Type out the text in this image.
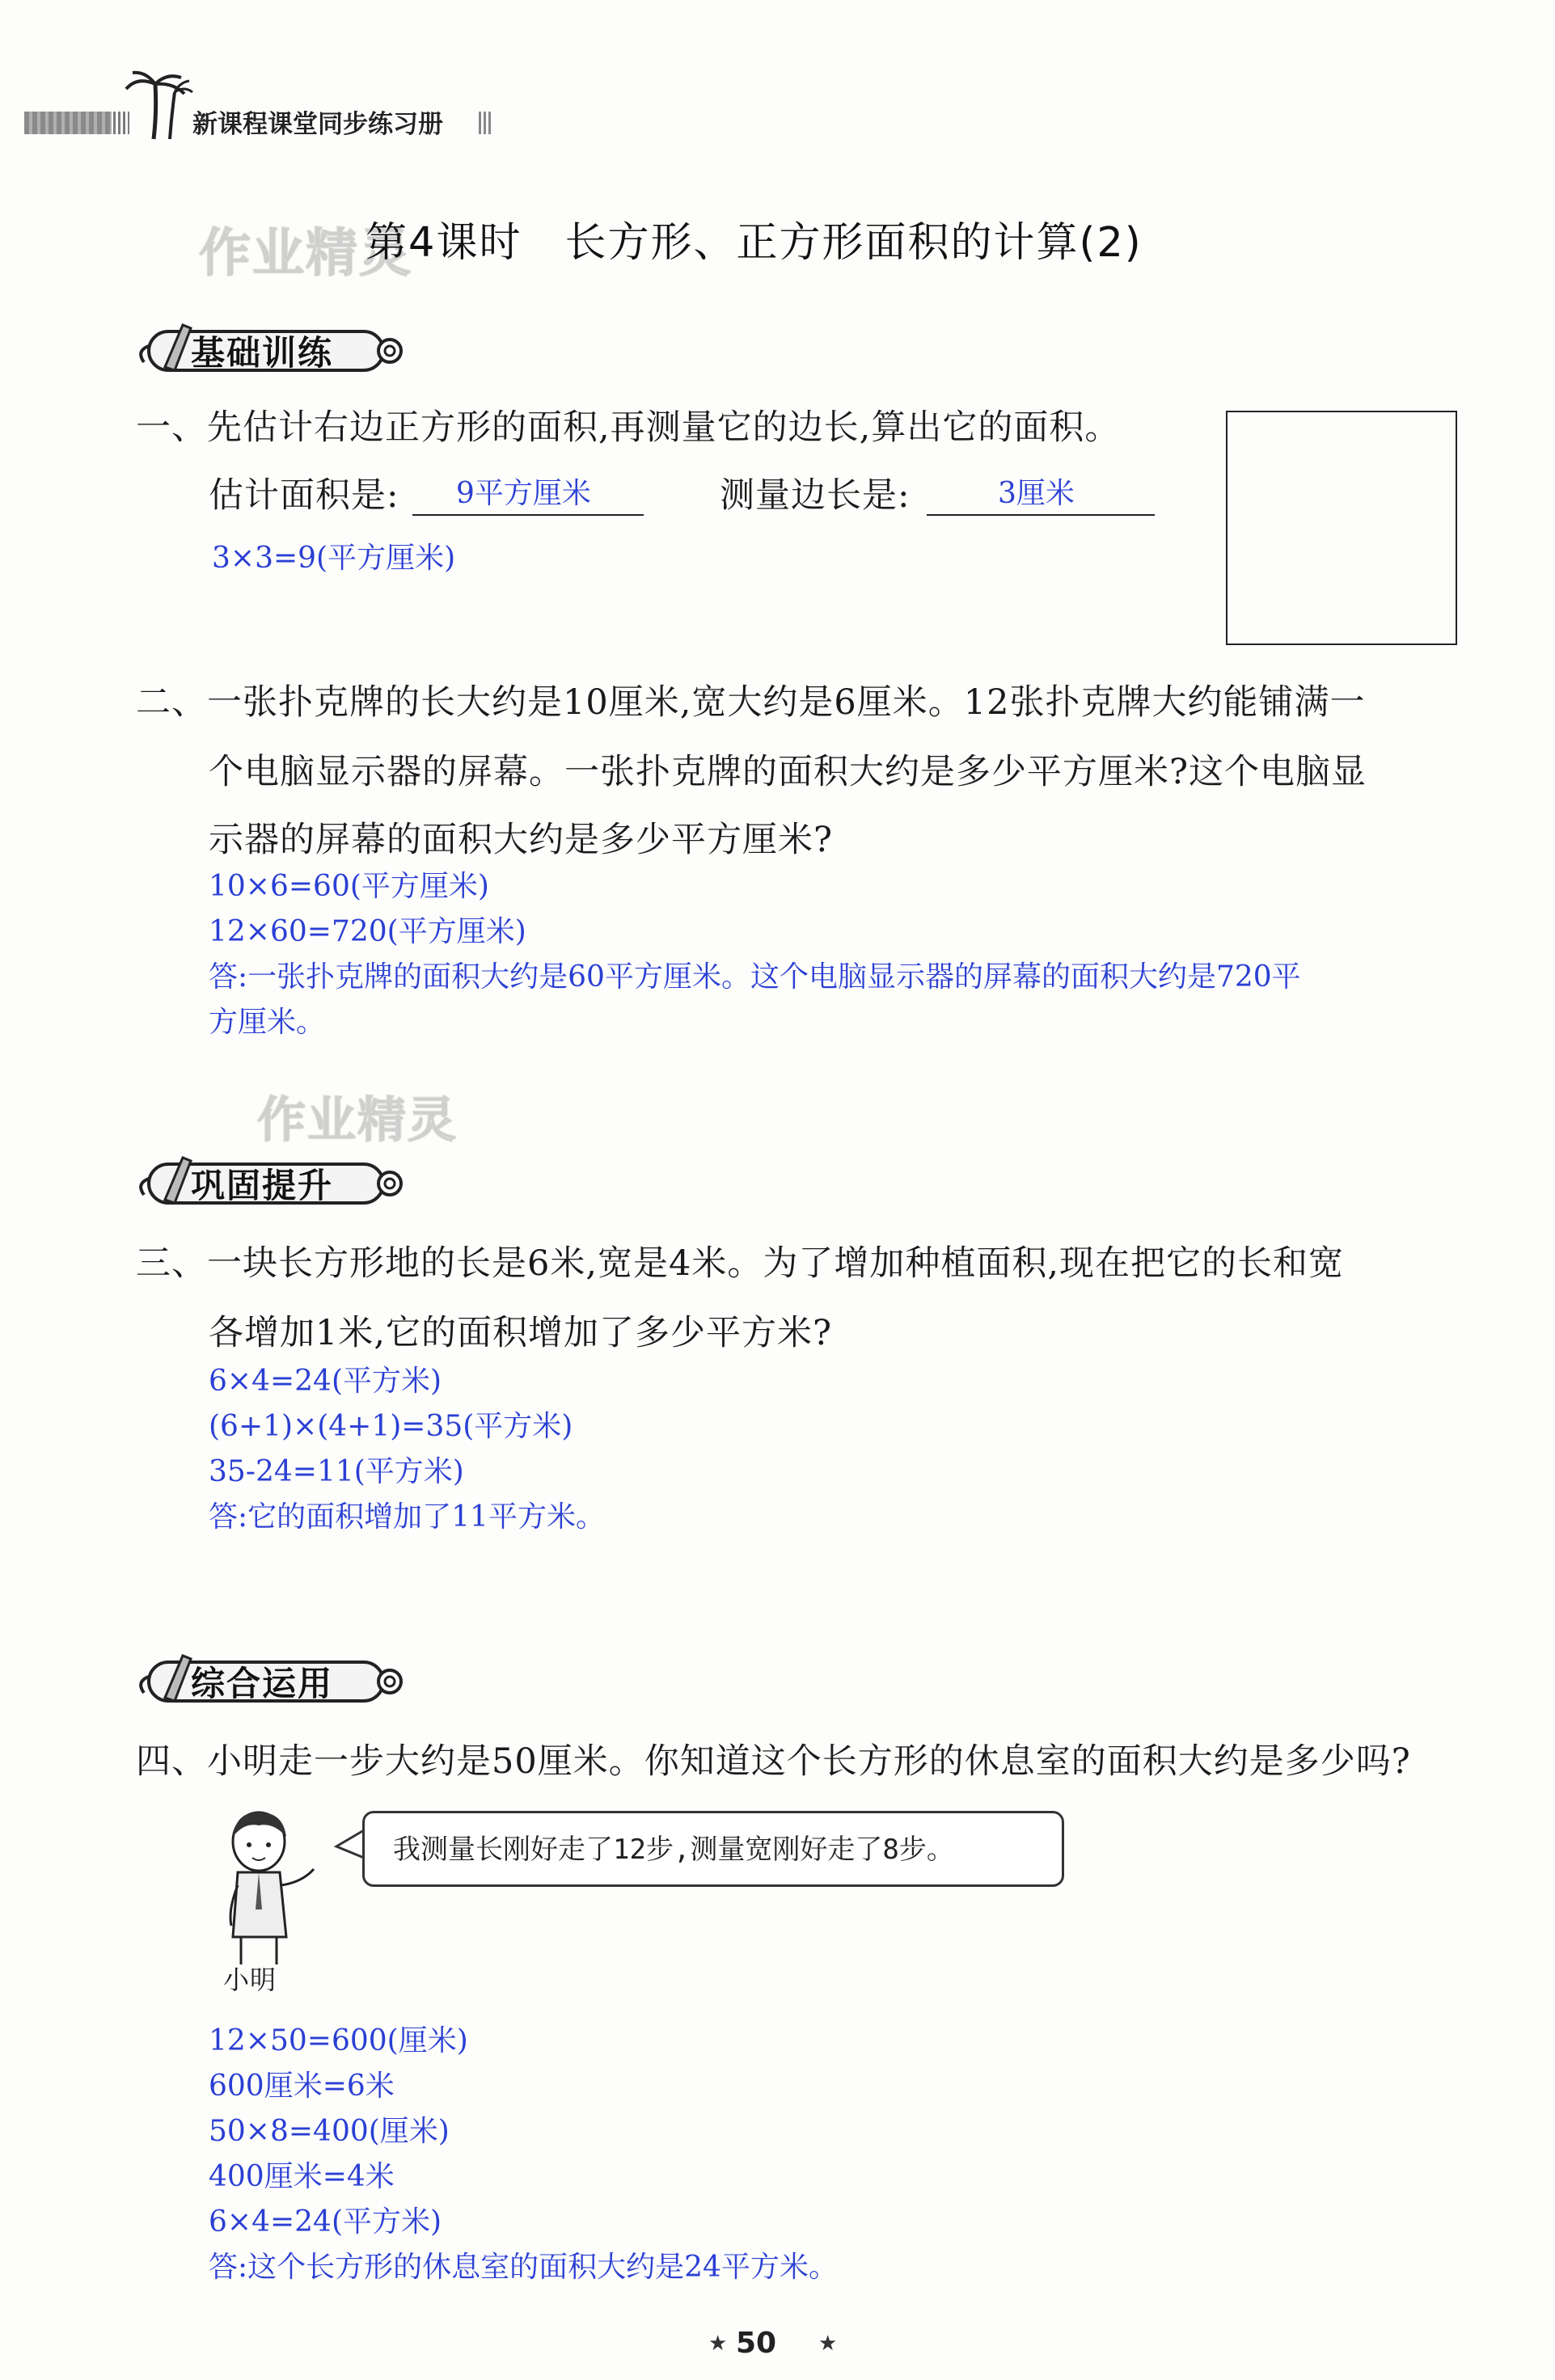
新课程课堂同步练习册
作业精灵
第4课时　长方形、正方形面积的计算(2)
基础训练
一、先估计右边正方形的面积,再测量它的边长,算出它的面积。
估计面积是: 9平方厘米	测量边长是:	3厘米
3×3=9(平方厘米)
二、一张扑克牌的长大约是10厘米,宽大约是6厘米。12张扑克牌大约能铺满一
个电脑显示器的屏幕。一张扑克牌的面积大约是多少平方厘米?这个电脑显
示器的屏幕的面积大约是多少平方厘米?
10×6=60(平方厘米)
12×60=720(平方厘米)
答:一张扑克牌的面积大约是60平方厘米。这个电脑显示器的屏幕的面积大约是720平
方厘米。
作业精灵
巩固提升
三、一块长方形地的长是6米,宽是4米。为了增加种植面积,现在把它的长和宽
各增加1米,它的面积增加了多少平方米?
6×4=24(平方米)
(6+1)×(4+1)=35(平方米)
35-24=11(平方米)
答:它的面积增加了11平方米。
综合运用
四、小明走一步大约是50厘米。你知道这个长方形的休息室的面积大约是多少吗?
小明
我测量长刚好走了12步,测量宽刚好走了8步。
12×50=600(厘米)
600厘米=6米
50×8=400(厘米)
400厘米=4米
6×4=24(平方米)
答:这个长方形的休息室的面积大约是24平方米。
★ 50 ★
